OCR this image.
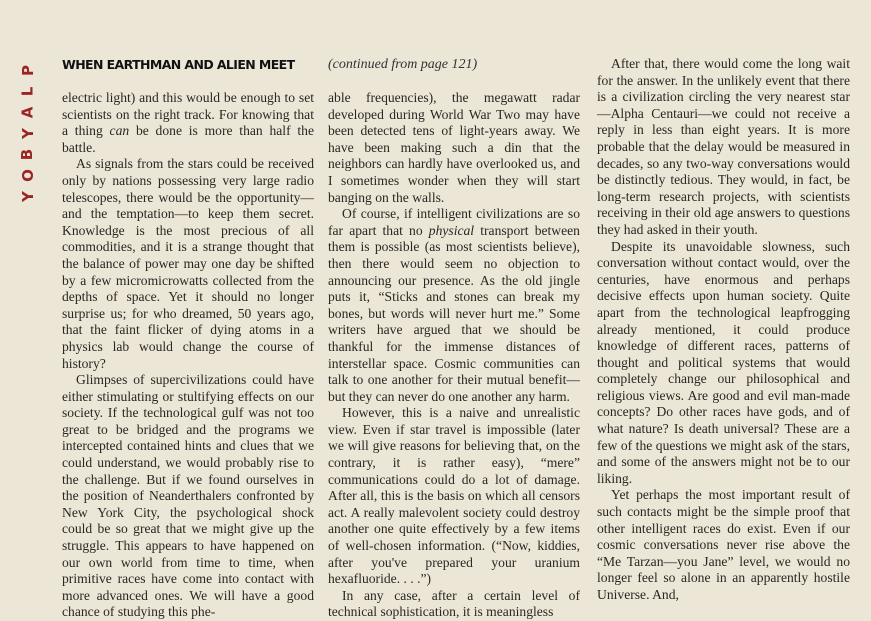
P
L
A
Y
B
O
Y
WHEN EARTHMAN AND ALIEN MEET (continued from page 121)

electric light) and this would be enough to set scientists on the right track. For knowing that a thing can be done is more than half the battle.

As signals from the stars could be received only by nations possessing very large radio telescopes, there would be the opportunity—and the temptation—to keep them secret. Knowledge is the most precious of all commodities, and it is a strange thought that the balance of power may one day be shifted by a few micromicrowatts collected from the depths of space. Yet it should no longer surprise us; for who dreamed, 50 years ago, that the faint flicker of dying atoms in a physics lab would change the course of history?

Glimpses of supercivilizations could have either stimulating or stultifying effects on our society. If the technological gulf was not too great to be bridged and the programs we intercepted contained hints and clues that we could understand, we would probably rise to the challenge. But if we found ourselves in the position of Neanderthalers confronted by New York City, the psychological shock could be so great that we might give up the struggle. This appears to have happened on our own world from time to time, when primitive races have come into contact with more advanced ones. We will have a good chance of studying this phe-

able frequencies), the megawatt radar developed during World War Two may have been detected tens of light-years away. We have been making such a din that the neighbors can hardly have overlooked us, and I sometimes wonder when they will start banging on the walls.

Of course, if intelligent civilizations are so far apart that no physical transport between them is possible (as most scientists believe), then there would seem no objection to announcing our presence. As the old jingle puts it, “Sticks and stones can break my bones, but words will never hurt me.” Some writers have argued that we should be thankful for the immense distances of interstellar space. Cosmic communities can talk to one another for their mutual benefit—but they can never do one another any harm.

However, this is a naive and unrealistic view. Even if star travel is impossible (later we will give reasons for believing that, on the contrary, it is rather easy), “mere” communications could do a lot of damage. After all, this is the basis on which all censors act. A really malevolent society could destroy another one quite effectively by a few items of well-chosen information. (“Now, kiddies, after you've prepared your uranium hexafluoride. . . .”)

In any case, after a certain level of technical sophistication, it is meaningless

After that, there would come the long wait for the answer. In the unlikely event that there is a civilization circling the very nearest star—Alpha Centauri—we could not receive a reply in less than eight years. It is more probable that the delay would be measured in decades, so any two-way conversations would be distinctly tedious. They would, in fact, be long-term research projects, with scientists receiving in their old age answers to questions they had asked in their youth.

Despite its unavoidable slowness, such conversation without contact would, over the centuries, have enormous and perhaps decisive effects upon human society. Quite apart from the technological leapfrogging already mentioned, it could produce knowledge of different races, patterns of thought and political systems that would completely change our philosophical and religious views. Are good and evil man-made concepts? Do other races have gods, and of what nature? Is death universal? These are a few of the questions we might ask of the stars, and some of the answers might not be to our liking.

Yet perhaps the most important result of such contacts might be the simple proof that other intelligent races do exist. Even if our cosmic conversations never rise above the “Me Tarzan—you Jane” level, we would no longer feel so alone in an apparently hostile Universe. And,
